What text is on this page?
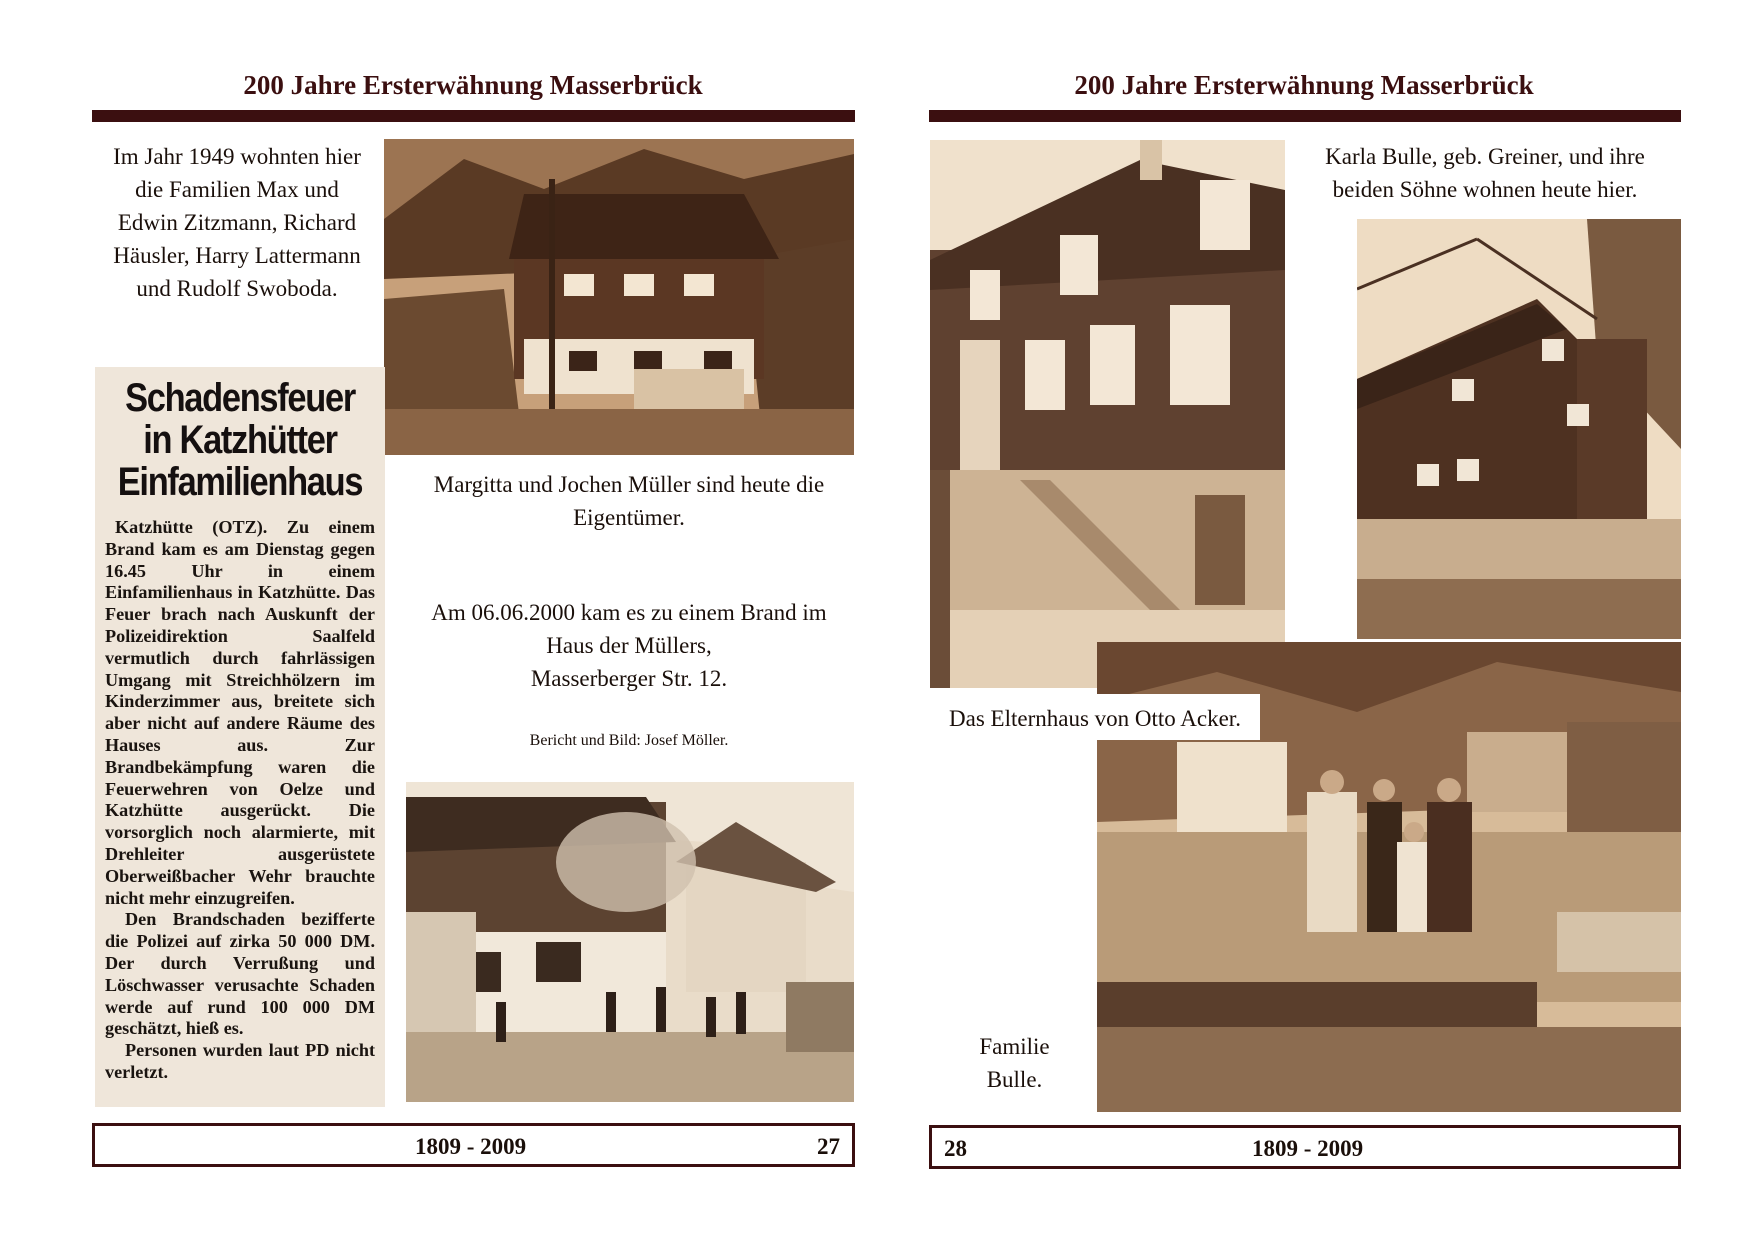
200 Jahre Ersterwähnung Masserbrück
Im Jahr 1949 wohnten hier
die Familien Max und
Edwin Zitzmann, Richard
Häusler, Harry Lattermann
und Rudolf Swoboda.
Schadensfeuer
in Katzhütter
Einfamilienhaus

Katzhütte (OTZ). Zu einem Brand kam es am Dienstag gegen 16.45 Uhr in einem Einfamilienhaus in Katzhütte. Das Feuer brach nach Auskunft der Polizeidirektion Saalfeld vermutlich durch fahrlässigen Umgang mit Streichhölzern im Kinderzimmer aus, breitete sich aber nicht auf andere Räume des Hauses aus. Zur Brandbekämpfung waren die Feuerwehren von Oelze und Katzhütte ausgerückt. Die vorsorglich noch alarmierte, mit Drehleiter ausgerüstete Oberweißbacher Wehr brauchte nicht mehr einzugreifen.

Den Brandschaden bezifferte die Polizei auf zirka 50 000 DM. Der durch Verrußung und Löschwasser verusachte Schaden werde auf rund 100 000 DM geschätzt, hieß es.

Personen wurden laut PD nicht verletzt.

Margitta und Jochen Müller sind heute die
Eigentümer.
Am 06.06.2000 kam es zu einem Brand im
Haus der Müllers,
Masserberger Str. 12.
Bericht und Bild: Josef Möller.
1809 - 2009	27
200 Jahre Ersterwähnung Masserbrück
Karla Bulle, geb. Greiner, und ihre
beiden Söhne wohnen heute hier.
Das Elternhaus von Otto Acker.
Familie
Bulle.
28	1809 - 2009
